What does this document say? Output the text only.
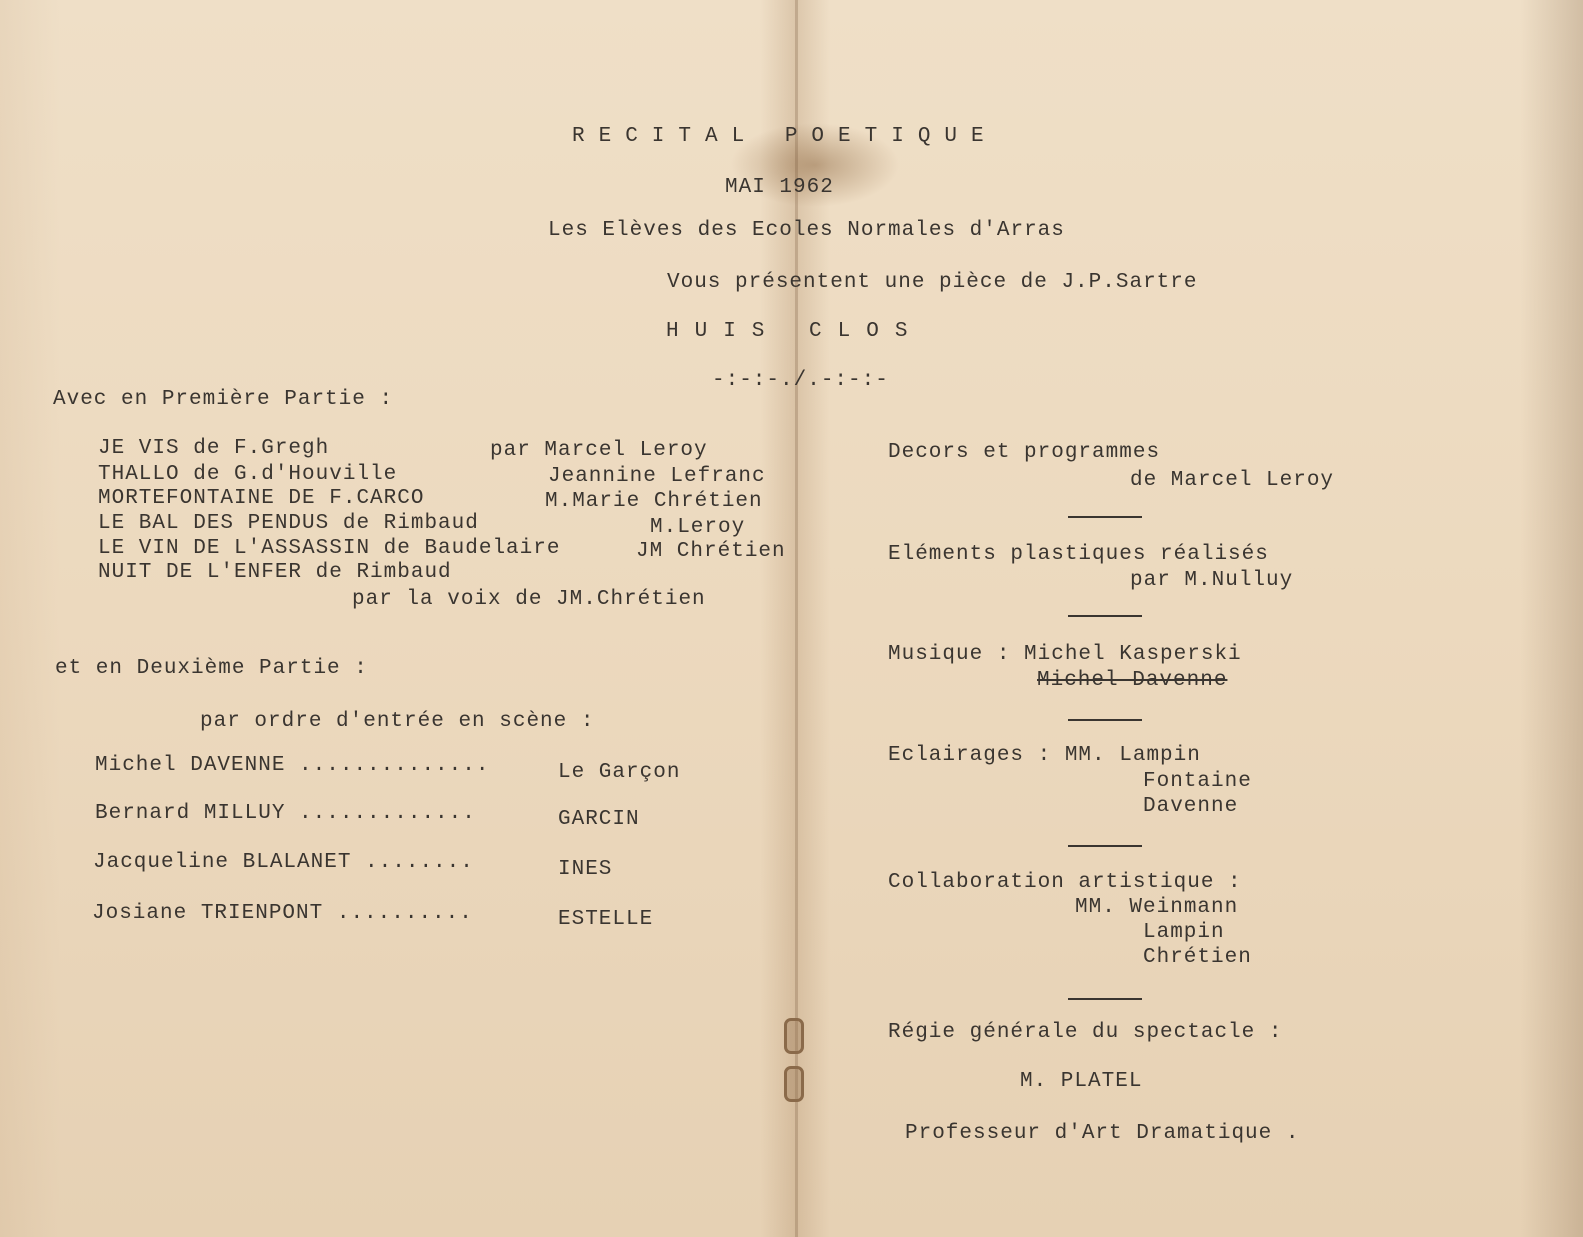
RECITAL POETIQUE
MAI 1962
Les Elèves des Ecoles Normales d'Arras
Vous présentent une pièce de J.P.Sartre
HUIS CLOS
-:-:-./.-:-:-
Avec en Première Partie :
JE VIS de F.Gregh	par Marcel Leroy
THALLO de G.d'Houville	Jeannine Lefranc
MORTEFONTAINE DE F.CARCO	M.Marie Chrétien
LE BAL DES PENDUS de Rimbaud	M.Leroy
LE VIN DE L'ASSASSIN de Baudelaire	JM Chrétien
NUIT DE L'ENFER de Rimbaud
par la voix de JM.Chrétien
et en Deuxième Partie :
par ordre d'entrée en scène :
Michel DAVENNE ..............	Le Garçon
Bernard MILLUY .............	GARCIN
Jacqueline BLALANET ........	INES
Josiane TRIENPONT ..........	ESTELLE
Decors et programmes
de Marcel Leroy
Eléments plastiques réalisés
par M.Nulluy
Musique : Michel Kasperski
Michel Davenne
Eclairages : MM. Lampin
Fontaine
Davenne
Collaboration artistique :
MM. Weinmann
Lampin
Chrétien
Régie générale du spectacle :
M. PLATEL
Professeur d'Art Dramatique .
